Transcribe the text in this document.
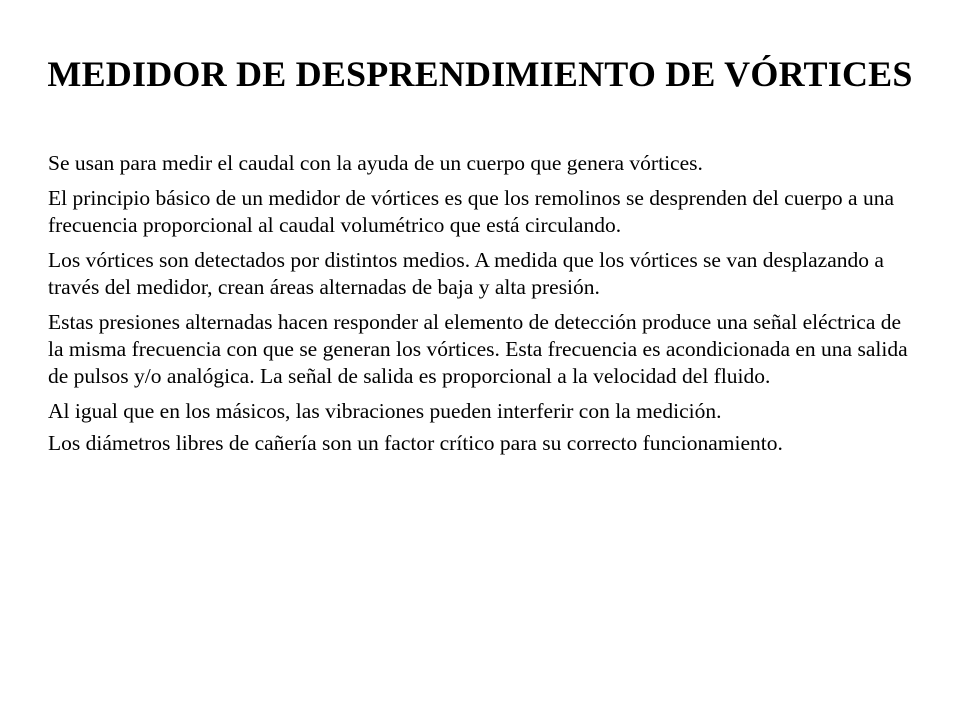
MEDIDOR DE DESPRENDIMIENTO DE VÓRTICES

Se usan para medir el caudal con la ayuda de un cuerpo que genera vórtices.

El principio básico de un medidor de vórtices es que los remolinos se desprenden del cuerpo a una frecuencia proporcional al caudal volumétrico que está circulando.

Los vórtices son detectados por distintos medios. A medida que los vórtices se van desplazando a través del medidor, crean áreas alternadas de baja y alta presión.

Estas presiones alternadas hacen responder al elemento de detección produce una señal eléctrica de la misma frecuencia con que se generan los vórtices. Esta frecuencia es acondicionada en una salida de pulsos y/o analógica. La señal de salida es proporcional a la velocidad del fluido.

Al igual que en los másicos, las vibraciones pueden interferir con la medición.

Los diámetros libres de cañería son un factor crítico para su correcto funcionamiento.
